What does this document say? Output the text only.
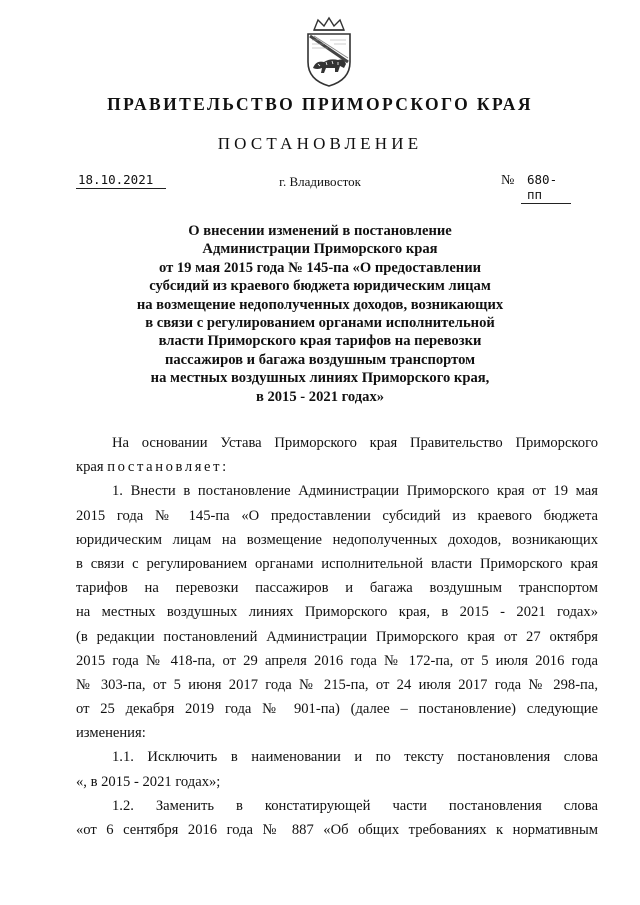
ПРАВИТЕЛЬСТВО ПРИМОРСКОГО КРАЯ
ПОСТАНОВЛЕНИЕ
18.10.2021	г. Владивосток	№	680-пп
О внесении изменений в постановление
Администрации Приморского края
от 19 мая 2015 года № 145-па «О предоставлении
субсидий из краевого бюджета юридическим лицам
на возмещение недополученных доходов, возникающих
в связи с регулированием органами исполнительной
власти Приморского края тарифов на перевозки
пассажиров и багажа воздушным транспортом
на местных воздушных линиях Приморского края,
в 2015 - 2021 годах»
На основании Устава Приморского края Правительство Приморского
края постановляет:
1. Внести в постановление Администрации Приморского края от 19 мая
2015 года № 145-па «О предоставлении субсидий из краевого бюджета
юридическим лицам на возмещение недополученных доходов, возникающих
в связи с регулированием органами исполнительной власти Приморского края
тарифов на перевозки пассажиров и багажа воздушным транспортом
на местных воздушных линиях Приморского края, в 2015 - 2021 годах»
(в редакции постановлений Администрации Приморского края от 27 октября
2015 года № 418-па, от 29 апреля 2016 года № 172-па, от 5 июля 2016 года
№ 303-па, от 5 июня 2017 года № 215-па, от 24 июля 2017 года № 298-па,
от 25 декабря 2019 года № 901-па) (далее – постановление) следующие
изменения:
1.1. Исключить в наименовании и по тексту постановления слова
«, в 2015 - 2021 годах»;
1.2. Заменить в констатирующей части постановления слова
«от 6 сентября 2016 года № 887 «Об общих требованиях к нормативным
